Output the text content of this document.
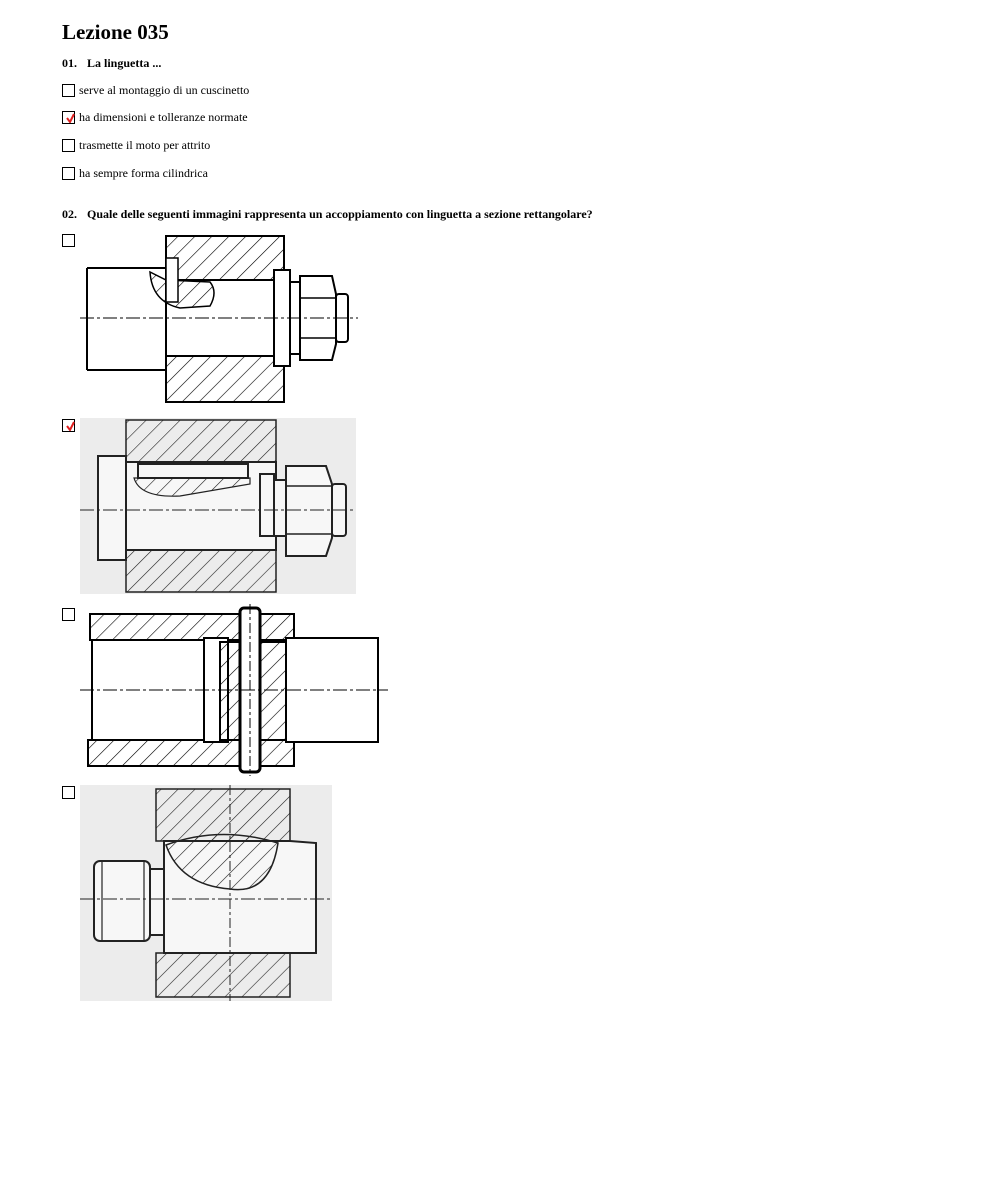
Lezione 035
01. La linguetta ...
serve al montaggio di un cuscinetto
ha dimensioni e tolleranze normate
trasmette il moto per attrito
ha sempre forma cilindrica
02. Quale delle seguenti immagini rappresenta un accoppiamento con linguetta a sezione rettangolare?
